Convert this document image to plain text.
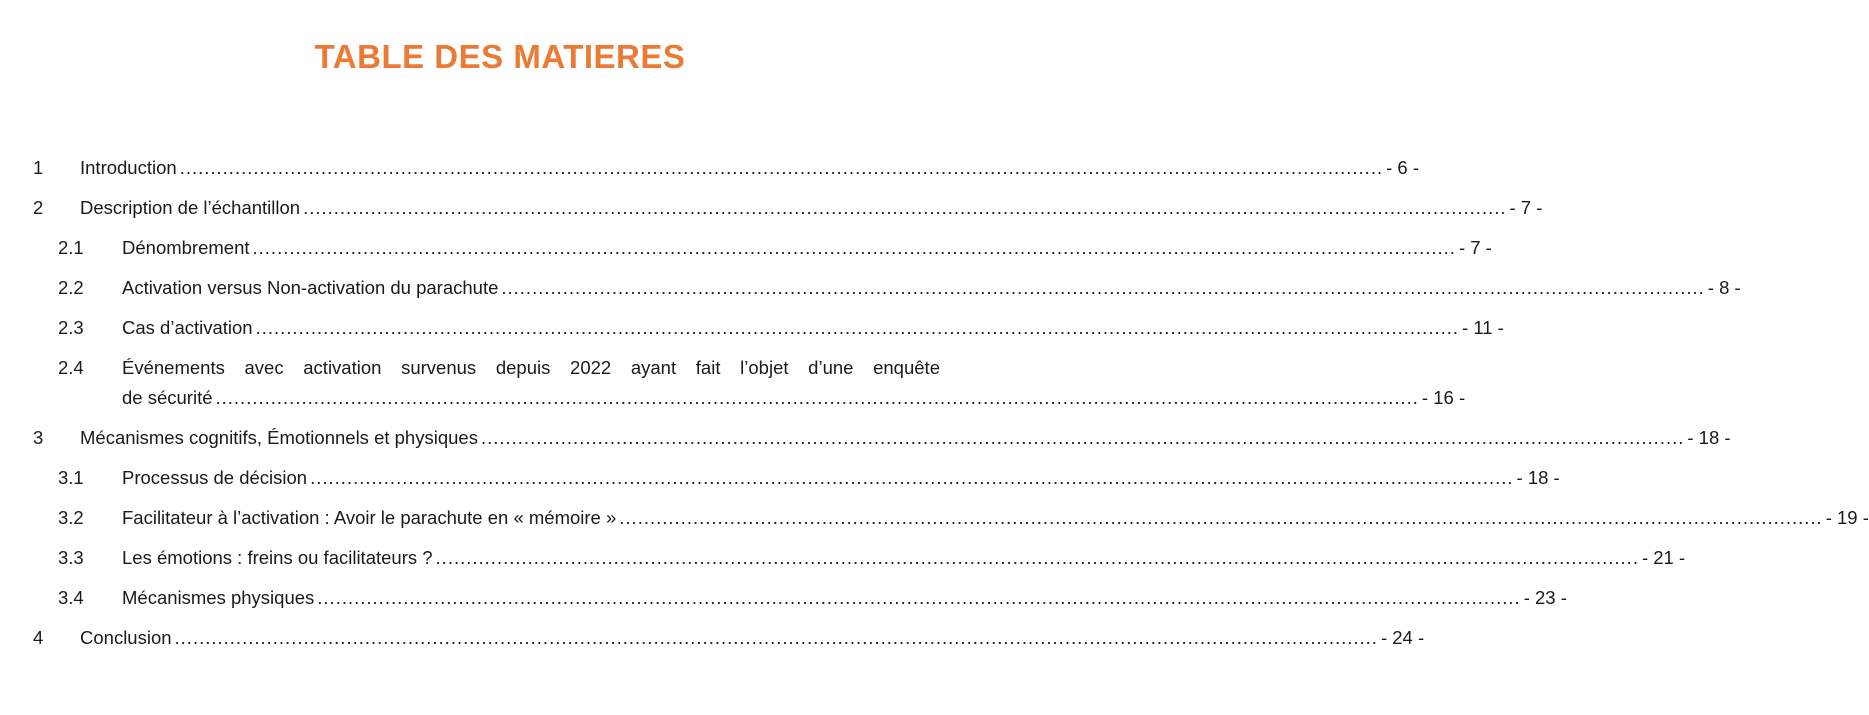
TABLE DES MATIERES
1 Introduction .................................................................................................................................................................................................... - 6 -
2 Description de l’échantillon .................................................................................................................................................................................................... - 7 -
2.1 Dénombrement .................................................................................................................................................................................................... - 7 -
2.2 Activation versus Non-activation du parachute .................................................................................................................................................................................................... - 8 -
2.3 Cas d’activation .................................................................................................................................................................................................... - 11 -
2.4 Événements avec activation survenus depuis 2022 ayant fait l’objet d’une enquête
de sécurité .................................................................................................................................................................................................... - 16 -
3 Mécanismes cognitifs, Émotionnels et physiques .................................................................................................................................................................................................... - 18 -
3.1 Processus de décision .................................................................................................................................................................................................... - 18 -
3.2 Facilitateur à l’activation : Avoir le parachute en « mémoire » .................................................................................................................................................................................................... - 19 -
3.3 Les émotions : freins ou facilitateurs ? .................................................................................................................................................................................................... - 21 -
3.4 Mécanismes physiques .................................................................................................................................................................................................... - 23 -
4 Conclusion .................................................................................................................................................................................................... - 24 -
